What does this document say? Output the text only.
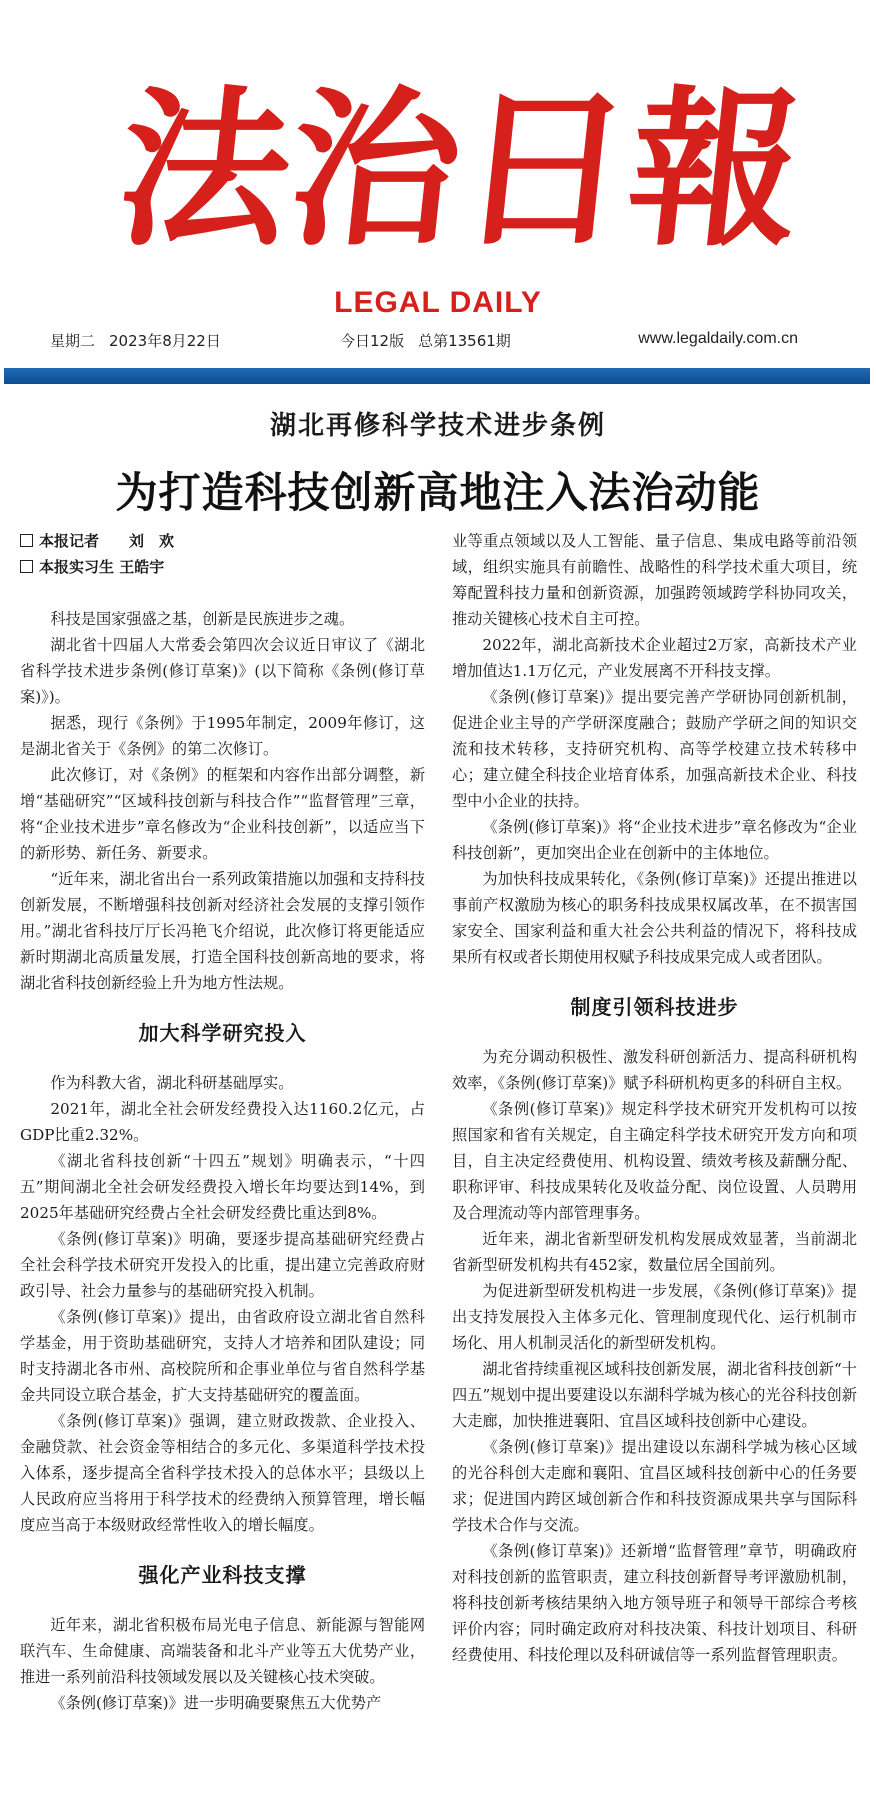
法
治
日
報
LEGAL DAILY
星期二 2023年8月22日	今日12版 总第13561期	www.legaldaily.com.cn
湖北再修科学技术进步条例
为打造科技创新高地注入法治动能
本报记者　　刘　欢
本报实习生 王皓宇

科技是国家强盛之基，创新是民族进步之魂。

湖北省十四届人大常委会第四次会议近日审议了《湖北省科学技术进步条例(修订草案)》(以下简称《条例(修订草案)》)。

据悉，现行《条例》于1995年制定，2009年修订，这是湖北省关于《条例》的第二次修订。

此次修订，对《条例》的框架和内容作出部分调整，新增“基础研究”“区域科技创新与科技合作”“监督管理”三章，将“企业技术进步”章名修改为“企业科技创新”，以适应当下的新形势、新任务、新要求。

“近年来，湖北省出台一系列政策措施以加强和支持科技创新发展，不断增强科技创新对经济社会发展的支撑引领作用。”湖北省科技厅厅长冯艳飞介绍说，此次修订将更能适应新时期湖北高质量发展，打造全国科技创新高地的要求，将湖北省科技创新经验上升为地方性法规。

加大科学研究投入

作为科教大省，湖北科研基础厚实。

2021年，湖北全社会研发经费投入达1160.2亿元，占GDP比重2.32%。

《湖北省科技创新“十四五”规划》明确表示，“十四五”期间湖北全社会研发经费投入增长年均要达到14%，到2025年基础研究经费占全社会研发经费比重达到8%。

《条例(修订草案)》明确，要逐步提高基础研究经费占全社会科学技术研究开发投入的比重，提出建立完善政府财政引导、社会力量参与的基础研究投入机制。

《条例(修订草案)》提出，由省政府设立湖北省自然科学基金，用于资助基础研究，支持人才培养和团队建设；同时支持湖北各市州、高校院所和企事业单位与省自然科学基金共同设立联合基金，扩大支持基础研究的覆盖面。

《条例(修订草案)》强调，建立财政拨款、企业投入、金融贷款、社会资金等相结合的多元化、多渠道科学技术投入体系，逐步提高全省科学技术投入的总体水平；县级以上人民政府应当将用于科学技术的经费纳入预算管理，增长幅度应当高于本级财政经常性收入的增长幅度。

强化产业科技支撑

近年来，湖北省积极布局光电子信息、新能源与智能网联汽车、生命健康、高端装备和北斗产业等五大优势产业，推进一系列前沿科技领域发展以及关键核心技术突破。

《条例(修订草案)》进一步明确要聚焦五大优势产

业等重点领域以及人工智能、量子信息、集成电路等前沿领域，组织实施具有前瞻性、战略性的科学技术重大项目，统筹配置科技力量和创新资源，加强跨领域跨学科协同攻关，推动关键核心技术自主可控。

2022年，湖北高新技术企业超过2万家，高新技术产业增加值达1.1万亿元，产业发展离不开科技支撑。

《条例(修订草案)》提出要完善产学研协同创新机制，促进企业主导的产学研深度融合；鼓励产学研之间的知识交流和技术转移，支持研究机构、高等学校建立技术转移中心；建立健全科技企业培育体系，加强高新技术企业、科技型中小企业的扶持。

《条例(修订草案)》将“企业技术进步”章名修改为“企业科技创新”，更加突出企业在创新中的主体地位。

为加快科技成果转化，《条例(修订草案)》还提出推进以事前产权激励为核心的职务科技成果权属改革，在不损害国家安全、国家利益和重大社会公共利益的情况下，将科技成果所有权或者长期使用权赋予科技成果完成人或者团队。

制度引领科技进步

为充分调动积极性、激发科研创新活力、提高科研机构效率，《条例(修订草案)》赋予科研机构更多的科研自主权。

《条例(修订草案)》规定科学技术研究开发机构可以按照国家和省有关规定，自主确定科学技术研究开发方向和项目，自主决定经费使用、机构设置、绩效考核及薪酬分配、职称评审、科技成果转化及收益分配、岗位设置、人员聘用及合理流动等内部管理事务。

近年来，湖北省新型研发机构发展成效显著，当前湖北省新型研发机构共有452家，数量位居全国前列。

为促进新型研发机构进一步发展，《条例(修订草案)》提出支持发展投入主体多元化、管理制度现代化、运行机制市场化、用人机制灵活化的新型研发机构。

湖北省持续重视区域科技创新发展，湖北省科技创新“十四五”规划中提出要建设以东湖科学城为核心的光谷科技创新大走廊，加快推进襄阳、宜昌区域科技创新中心建设。

《条例(修订草案)》提出建设以东湖科学城为核心区域的光谷科创大走廊和襄阳、宜昌区域科技创新中心的任务要求；促进国内跨区域创新合作和科技资源成果共享与国际科学技术合作与交流。

《条例(修订草案)》还新增“监督管理”章节，明确政府对科技创新的监管职责，建立科技创新督导考评激励机制，将科技创新考核结果纳入地方领导班子和领导干部综合考核评价内容；同时确定政府对科技决策、科技计划项目、科研经费使用、科技伦理以及科研诚信等一系列监督管理职责。
